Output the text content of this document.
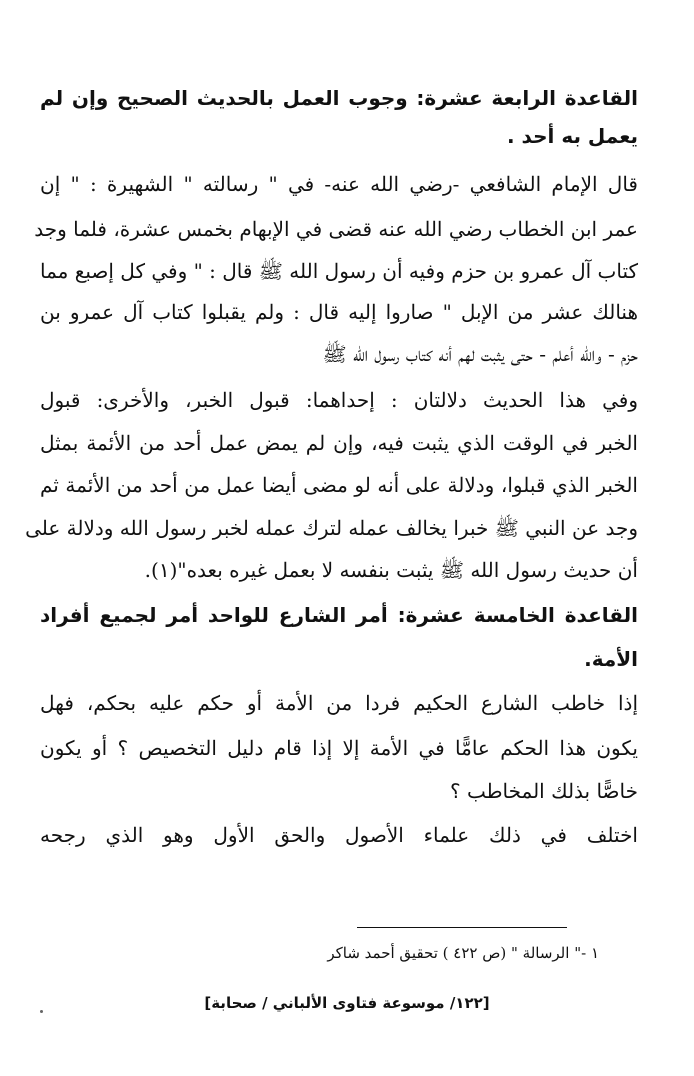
القاعدة الرابعة عشرة: وجوب العمل بالحديث الصحيح وإن لم
يعمل به أحد .
قال الإمام الشافعي -رضي الله عنه- في " رسالته " الشهيرة : " إن
عمر ابن الخطاب رضي الله عنه قضى في الإبهام بخمس عشرة، فلما وجد
كتاب آل عمرو بن حزم وفيه أن رسول الله ﷺ قال : " وفي كل إصبع مما
هنالك عشر من الإبل " صاروا إليه قال : ولم يقبلوا كتاب آل عمرو بن
حزم - والله أعلم - حتى يثبت لهم أنه كتاب رسول الله ﷺ
وفي هذا الحديث دلالتان : إحداهما: قبول الخبر، والأخرى: قبول
الخبر في الوقت الذي يثبت فيه، وإن لم يمض عمل أحد من الأئمة بمثل
الخبر الذي قبلوا، ودلالة على أنه لو مضى أيضا عمل من أحد من الأئمة ثم
وجد عن النبي ﷺ خبرا يخالف عمله لترك عمله لخبر رسول الله ودلالة على
أن حديث رسول الله ﷺ يثبت بنفسه لا بعمل غيره بعده"(١).
القاعدة الخامسة عشرة: أمر الشارع للواحد أمر لجميع أفراد
الأمة.
إذا خاطب الشارع الحكيم فردا من الأمة أو حكم عليه بحكم، فهل
يكون هذا الحكم عامًّا في الأمة إلا إذا قام دليل التخصيص ؟ أو يكون
خاصًّا بذلك المخاطب ؟
اختلف في ذلك علماء الأصول والحق الأول وهو الذي رجحه
١ -" الرسالة " (ص ٤٢٢ ) تحقيق أحمد شاكر
[١٢٢/ موسوعة فتاوى الألباني / صحابة]
